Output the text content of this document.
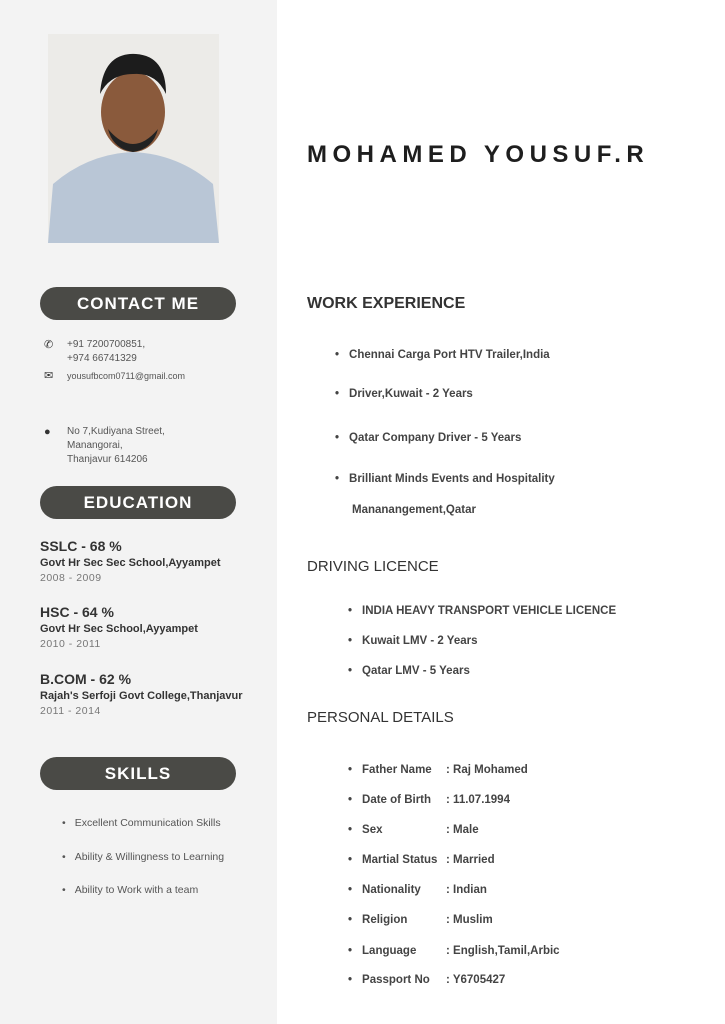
CONTACT ME
✆ +91 7200700851,
+974 66741329
✉ yousufbcom0711@gmail.com
●	No 7,Kudiyana Street,
Manangorai,
Thanjavur 614206
EDUCATION
SSLC - 68 %
Govt Hr Sec Sec School,Ayyampet
2008 - 2009
HSC - 64 %
Govt Hr Sec School,Ayyampet
2010 - 2011
B.COM - 62 %
Rajah's Serfoji Govt College,Thanjavur
2011 - 2014
SKILLS
• Excellent Communication Skills
• Ability & Willingness to Learning
• Ability to Work with a team
MOHAMED YOUSUF.R
WORK EXPERIENCE
• Chennai Carga Port HTV Trailer,India
• Driver,Kuwait - 2 Years
• Qatar Company Driver - 5 Years
• Brilliant Minds Events and Hospitality
Mananangement,Qatar
DRIVING LICENCE
• INDIA HEAVY TRANSPORT VEHICLE LICENCE
• Kuwait LMV - 2 Years
• Qatar LMV - 5 Years
PERSONAL DETAILS
• Father Name	: Raj Mohamed
• Date of Birth	: 11.07.1994
• Sex	: Male
• Martial Status : Married
• Nationality	: Indian
• Religion	: Muslim
• Language	: English,Tamil,Arbic
• Passport No	: Y6705427
